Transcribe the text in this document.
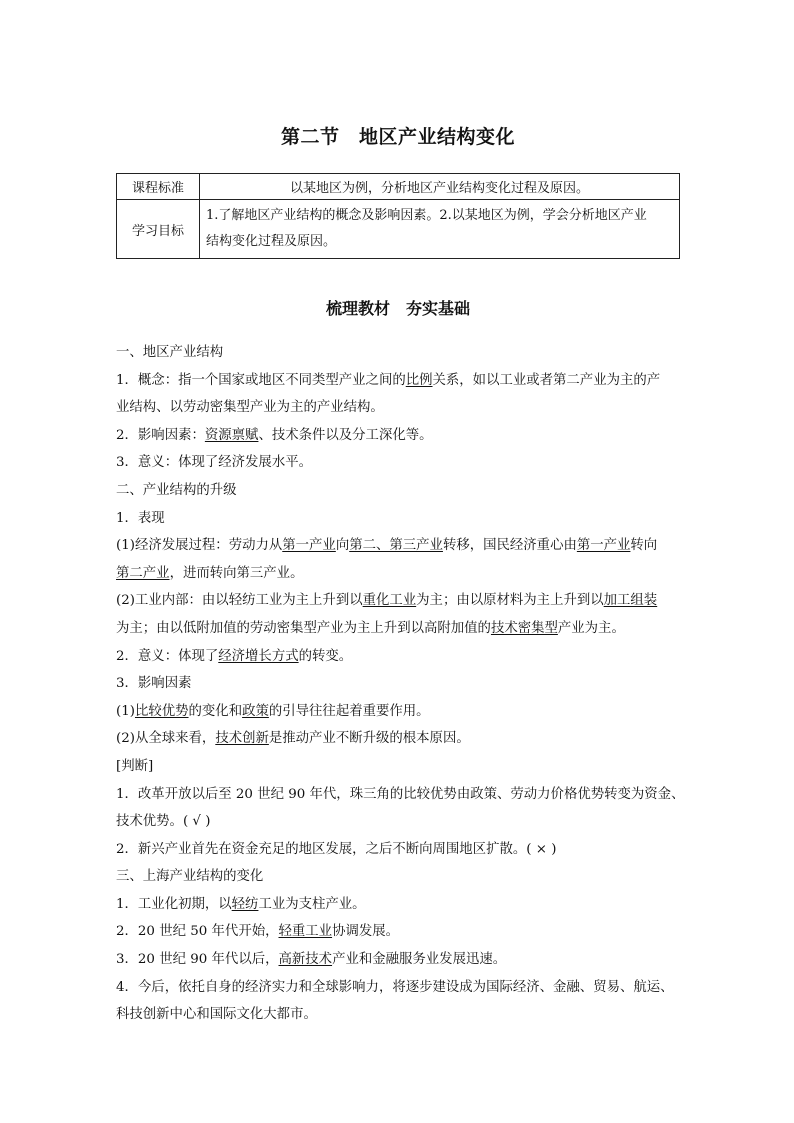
第二节　地区产业结构变化
课程标准	以某地区为例，分析地区产业结构变化过程及原因。
学习目标	1.了解地区产业结构的概念及影响因素。2.以某地区为例，学会分析地区产业
结构变化过程及原因。
梳理教材　夯实基础
一、地区产业结构
1．概念：指一个国家或地区不同类型产业之间的比例关系，如以工业或者第二产业为主的产
业结构、以劳动密集型产业为主的产业结构。
2．影响因素：资源禀赋、技术条件以及分工深化等。
3．意义：体现了经济发展水平。
二、产业结构的升级
1．表现
(1)经济发展过程：劳动力从第一产业向第二、第三产业转移，国民经济重心由第一产业转向
第二产业，进而转向第三产业。
(2)工业内部：由以轻纺工业为主上升到以重化工业为主；由以原材料为主上升到以加工组装
为主；由以低附加值的劳动密集型产业为主上升到以高附加值的技术密集型产业为主。
2．意义：体现了经济增长方式的转变。
3．影响因素
(1)比较优势的变化和政策的引导往往起着重要作用。
(2)从全球来看，技术创新是推动产业不断升级的根本原因。
[判断]
1．改革开放以后至 20 世纪 90 年代，珠三角的比较优势由政策、劳动力价格优势转变为资金、
技术优势。( √ )
2．新兴产业首先在资金充足的地区发展，之后不断向周围地区扩散。( × )
三、上海产业结构的变化
1．工业化初期，以轻纺工业为支柱产业。
2．20 世纪 50 年代开始，轻重工业协调发展。
3．20 世纪 90 年代以后，高新技术产业和金融服务业发展迅速。
4．今后，依托自身的经济实力和全球影响力，将逐步建设成为国际经济、金融、贸易、航运、
科技创新中心和国际文化大都市。
